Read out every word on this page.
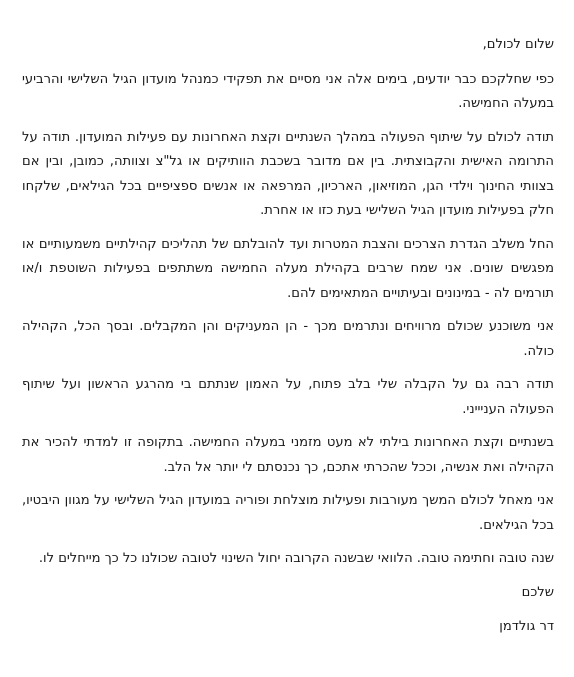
שלום לכולם,

כפי שחלקכם כבר יודעים, בימים אלה אני מסיים את תפקידי כמנהל מועדון הגיל השלישי והרביעי במעלה החמישה.

תודה לכולם על שיתוף הפעולה במהלך השנתיים וקצת האחרונות עם פעילות המועדון. תודה על התרומה האישית והקבוצתית. בין אם מדובר בשכבת הוותיקים או גל"צ וצוותה, כמובן, ובין אם בצוותי החינוך וילדי הגן, המוזיאון, הארכיון, המרפאה או אנשים ספציפיים בכל הגילאים, שלקחו חלק בפעילות מועדון הגיל השלישי בעת כזו או אחרת.

החל משלב הגדרת הצרכים והצבת המטרות ועד להובלתם של תהליכים קהילתיים משמעותיים או מפגשים שונים. אני שמח שרבים בקהילת מעלה החמישה משתתפים בפעילות השוטפת ו/או תורמים לה - במינונים ובעיתויים המתאימים להם.

אני משוכנע שכולם מרוויחים ונתרמים מכך - הן המעניקים והן המקבלים. ובסך הכל, הקהילה כולה.

תודה רבה גם על הקבלה שלי בלב פתוח, על האמון שנתתם בי מהרגע הראשון ועל שיתוף הפעולה העניייני.

בשנתיים וקצת האחרונות בילתי לא מעט מזמני במעלה החמישה. בתקופה זו למדתי להכיר את הקהילה ואת אנשיה, וככל שהכרתי אתכם, כך נכנסתם לי יותר אל הלב.

אני מאחל לכולם המשך מעורבות ופעילות מוצלחת ופוריה במועדון הגיל השלישי על מגוון היבטיו, בכל הגילאים.

שנה טובה וחתימה טובה. הלוואי שבשנה הקרובה יחול השינוי לטובה שכולנו כל כך מייחלים לו.

שלכם

דר גולדמן
